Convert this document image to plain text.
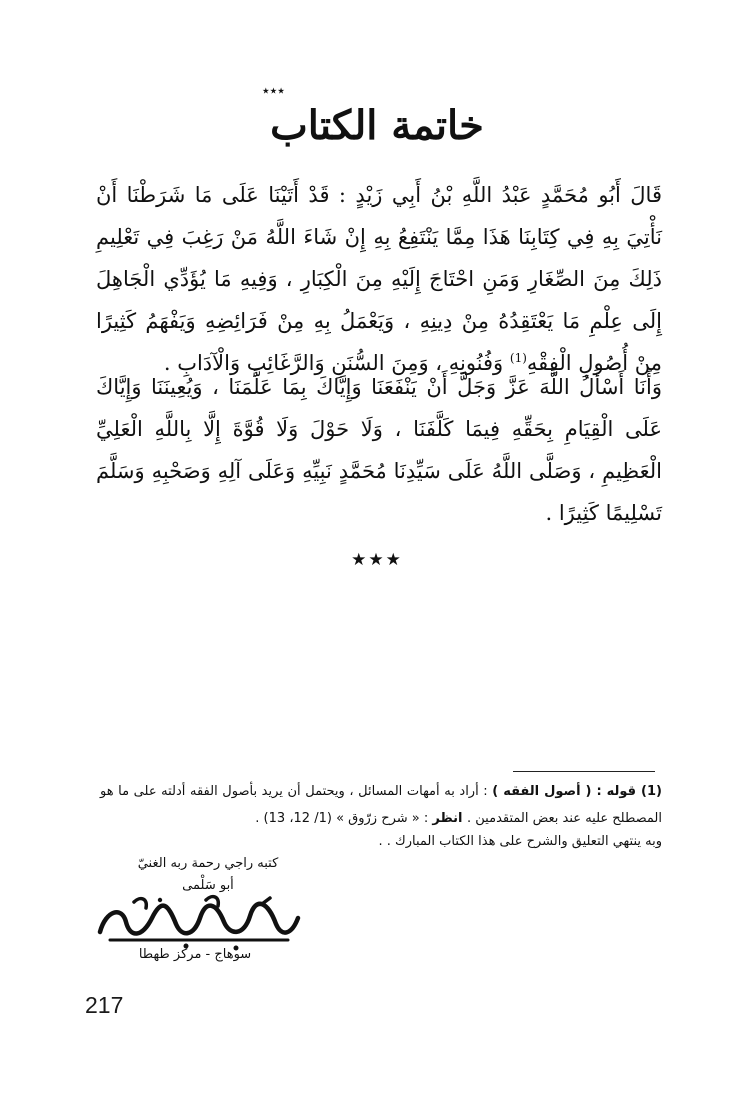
٭٭٭
خاتمة الكتاب
قَالَ أَبُو مُحَمَّدٍ عَبْدُ اللَّهِ بْنُ أَبِي زَيْدٍ : قَدْ أَتَيْنَا عَلَى مَا شَرَطْنَا أَنْ نَأْتِيَ بِهِ فِي كِتَابِنَا هَذَا مِمَّا يَنْتَفِعُ بِهِ إِنْ شَاءَ اللَّهُ مَنْ رَغِبَ فِي تَعْلِيمِ ذَلِكَ مِنَ الصِّغَارِ وَمَنِ احْتَاجَ إِلَيْهِ مِنَ الْكِبَارِ ، وَفِيهِ مَا يُؤَدِّي الْجَاهِلَ إِلَى عِلْمِ مَا يَعْتَقِدُهُ مِنْ دِينِهِ ، وَيَعْمَلُ بِهِ مِنْ فَرَائِضِهِ وَيَفْهَمُ كَثِيرًا مِنْ أُصُولِ الْفِقْهِ$^{(1)}$ وَفُنُونِهِ ، وَمِنَ السُّنَنِ وَالرَّغَائِبِ وَالْآدَابِ .
وَأَنَا أَسْأَلُ اللَّهَ عَزَّ وَجَلَّ أَنْ يَنْفَعَنَا وَإِيَّاكَ بِمَا عَلَّمَنَا ، وَيُعِينَنَا وَإِيَّاكَ عَلَى الْقِيَامِ بِحَقِّهِ فِيمَا كَلَّفَنَا ، وَلَا حَوْلَ وَلَا قُوَّةَ إِلَّا بِاللَّهِ الْعَلِيِّ الْعَظِيمِ ، وَصَلَّى اللَّهُ عَلَى سَيِّدِنَا مُحَمَّدٍ نَبِيِّهِ وَعَلَى آلِهِ وَصَحْبِهِ وَسَلَّمَ تَسْلِيمًا كَثِيرًا .
★★★
(1) قوله : ( أصول الفقه ) : أراد به أمهات المسائل ، ويحتمل أن يريد بأصول الفقه أدلته على ما هو المصطلح عليه عند بعض المتقدمين . انظر : « شرح زرّوق » (1/ 12، 13) .
وبه ينتهي التعليق والشرح على هذا الكتاب المبارك . .
كتبه راجي رحمة ربه الغنيّ
أبو سَلْمى
سوهاج - مركز طهطا
217
